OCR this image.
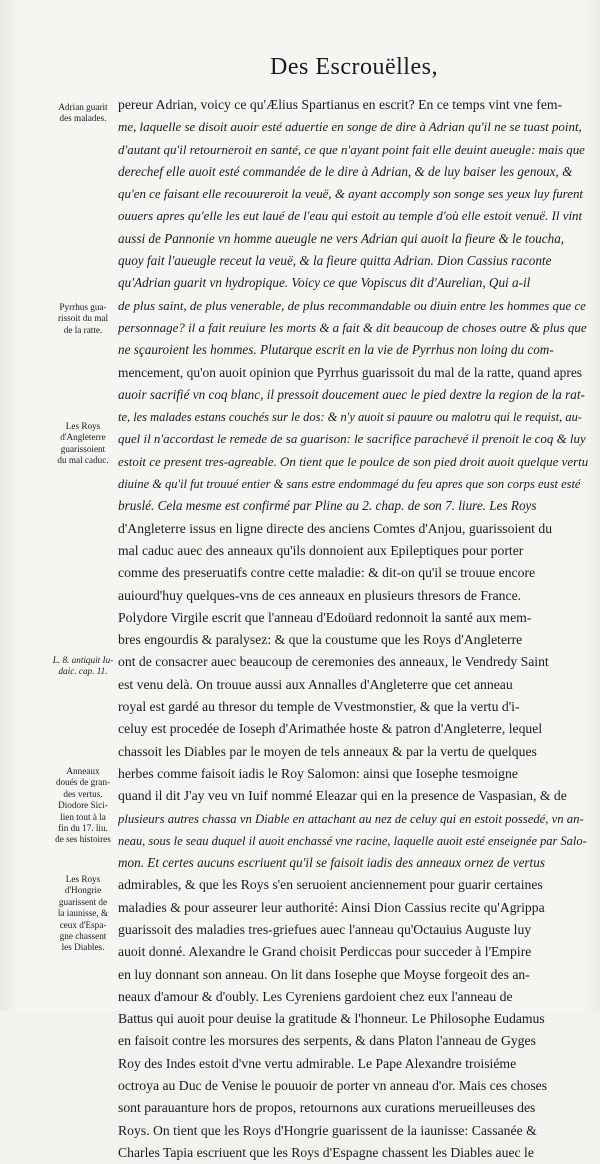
Des Escrouëlles,
Adrian guarit
des malades.
Pyrrhus gua-
rissoit du mal
de la ratte.
Les Roys
d'Angleterre
guarissoient
du mal caduc.
L. 8. antiquit Iu-
daic. cap. 11.
Anneaux
doués de gran-
des vertus.
Diodore Sici-
lien tout à la
fin du 17. liu.
de ses histoires
Les Roys
d'Hongrie
guarissent de
la iaunisse, &
ceux d'Espa-
gne chassent
les Diables.
pereur Adrian, voicy ce qu'Ælius Spartianus en escrit? En ce temps vint vne fem-
me, laquelle se disoit auoir esté aduertie en songe de dire à Adrian qu'il ne se tuast point,
d'autant qu'il retourneroit en santé, ce que n'ayant point fait elle deuint aueugle: mais que
derechef elle auoit esté commandée de le dire à Adrian, & de luy baiser les genoux, &
qu'en ce faisant elle recouureroit la veuë, & ayant accomply son songe ses yeux luy furent
ouuers apres qu'elle les eut laué de l'eau qui estoit au temple d'où elle estoit venuë. Il vint
aussi de Pannonie vn homme aueugle ne vers Adrian qui auoit la fieure & le toucha,
quoy fait l'aueugle receut la veuë, & la fieure quitta Adrian. Dion Cassius raconte
qu'Adrian guarit vn hydropique. Voicy ce que Vopiscus dit d'Aurelian, Qui a-il
de plus saint, de plus venerable, de plus recommandable ou diuin entre les hommes que ce
personnage? il a fait reuiure les morts & a fait & dit beaucoup de choses outre & plus que
ne sçauroient les hommes. Plutarque escrit en la vie de Pyrrhus non loing du com-
mencement, qu'on auoit opinion que Pyrrhus guarissoit du mal de la ratte, quand apres
auoir sacrifié vn coq blanc, il pressoit doucement auec le pied dextre la region de la rat-
te, les malades estans couchés sur le dos: & n'y auoit si pauure ou malotru qui le requist, au-
quel il n'accordast le remede de sa guarison: le sacrifice parachevé il prenoit le coq & luy
estoit ce present tres-agreable. On tient que le poulce de son pied droit auoit quelque vertu
diuine & qu'il fut trouué entier & sans estre endommagé du feu apres que son corps eust esté
bruslé. Cela mesme est confirmé par Pline au 2. chap. de son 7. liure. Les Roys
d'Angleterre issus en ligne directe des anciens Comtes d'Anjou, guarissoient du
mal caduc auec des anneaux qu'ils donnoient aux Epileptiques pour porter
comme des preseruatifs contre cette maladie: & dit-on qu'il se trouue encore
auiourd'huy quelques-vns de ces anneaux en plusieurs thresors de France.
Polydore Virgile escrit que l'anneau d'Edoüard redonnoit la santé aux mem-
bres engourdis & paralysez: & que la coustume que les Roys d'Angleterre
ont de consacrer auec beaucoup de ceremonies des anneaux, le Vendredy Saint
est venu delà. On trouue aussi aux Annalles d'Angleterre que cet anneau
royal est gardé au thresor du temple de Vvestmonstier, & que la vertu d'i-
celuy est procedée de Ioseph d'Arimathée hoste & patron d'Angleterre, lequel
chassoit les Diables par le moyen de tels anneaux & par la vertu de quelques
herbes comme faisoit iadis le Roy Salomon: ainsi que Iosephe tesmoigne
quand il dit J'ay veu vn Iuif nommé Eleazar qui en la presence de Vaspasian, & de
plusieurs autres chassa vn Diable en attachant au nez de celuy qui en estoit possedé, vn an-
neau, sous le seau duquel il auoit enchassé vne racine, laquelle auoit esté enseignée par Salo-
mon. Et certes aucuns escriuent qu'il se faisoit iadis des anneaux ornez de vertus
admirables, & que les Roys s'en seruoient anciennement pour guarir certaines
maladies & pour asseurer leur authorité: Ainsi Dion Cassius recite qu'Agrippa
guarissoit des maladies tres-griefues auec l'anneau qu'Octauius Auguste luy
auoit donné. Alexandre le Grand choisit Perdiccas pour succeder à l'Empire
en luy donnant son anneau. On lit dans Iosephe que Moyse forgeoit des an-
neaux d'amour & d'oubly. Les Cyreniens gardoient chez eux l'anneau de
Battus qui auoit pour deuise la gratitude & l'honneur. Le Philosophe Eudamus
en faisoit contre les morsures des serpents, & dans Platon l'anneau de Gyges
Roy des Indes estoit d'vne vertu admirable. Le Pape Alexandre troisiéme
octroya au Duc de Venise le pouuoir de porter vn anneau d'or. Mais ces choses
sont parauanture hors de propos, retournons aux curations merueilleuses des
Roys. On tient que les Roys d'Hongrie guarissent de la iaunisse: Cassanée &
Charles Tapia escriuent que les Roys d'Espagne chassent les Diables auec le
